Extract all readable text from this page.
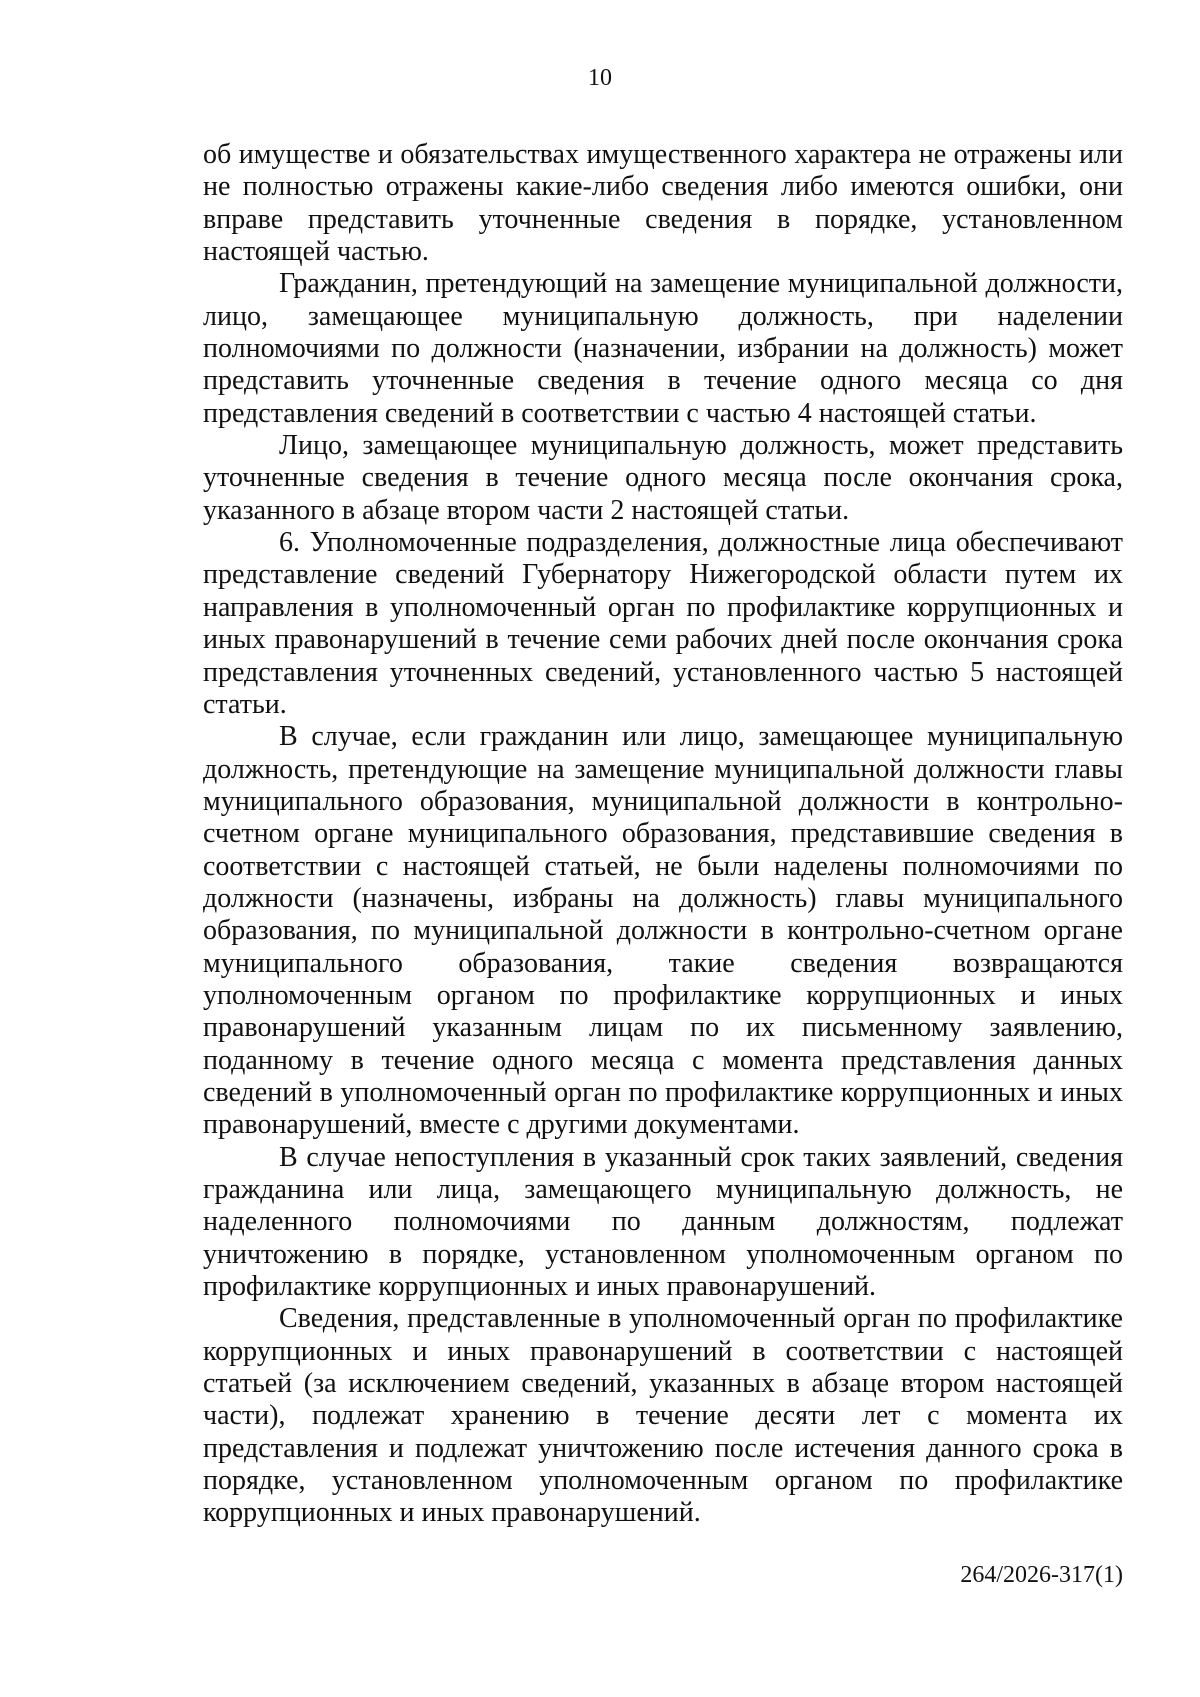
10

об имуществе и обязательствах имущественного характера не отражены или не полностью отражены какие-либо сведения либо имеются ошибки, они вправе представить уточненные сведения в порядке, установленном настоящей частью.

Гражданин, претендующий на замещение муниципальной должности, лицо, замещающее муниципальную должность, при наделении полномочиями по должности (назначении, избрании на должность) может представить уточненные сведения в течение одного месяца со дня представления сведений в соответствии с частью 4 настоящей статьи.

Лицо, замещающее муниципальную должность, может представить уточненные сведения в течение одного месяца после окончания срока, указанного в абзаце втором части 2 настоящей статьи.

6. Уполномоченные подразделения, должностные лица обеспечивают представление сведений Губернатору Нижегородской области путем их направления в уполномоченный орган по профилактике коррупционных и иных правонарушений в течение семи рабочих дней после окончания срока представления уточненных сведений, установленного частью 5 настоящей статьи.

В случае, если гражданин или лицо, замещающее муниципальную должность, претендующие на замещение муниципальной должности главы муниципального образования, муниципальной должности в контрольно-счетном органе муниципального образования, представившие сведения в соответствии с настоящей статьей, не были наделены полномочиями по должности (назначены, избраны на должность) главы муниципального образования, по муниципальной должности в контрольно-счетном органе муниципального образования, такие сведения возвращаются уполномоченным органом по профилактике коррупционных и иных правонарушений указанным лицам по их письменному заявлению, поданному в течение одного месяца с момента представления данных сведений в уполномоченный орган по профилактике коррупционных и иных правонарушений, вместе с другими документами.

В случае непоступления в указанный срок таких заявлений, сведения гражданина или лица, замещающего муниципальную должность, не наделенного полномочиями по данным должностям, подлежат уничтожению в порядке, установленном уполномоченным органом по профилактике коррупционных и иных правонарушений.

Сведения, представленные в уполномоченный орган по профилактике коррупционных и иных правонарушений в соответствии с настоящей статьей (за исключением сведений, указанных в абзаце втором настоящей части), подлежат хранению в течение десяти лет с момента их представления и подлежат уничтожению после истечения данного срока в порядке, установленном уполномоченным органом по профилактике коррупционных и иных правонарушений.

264/2026-317(1)
